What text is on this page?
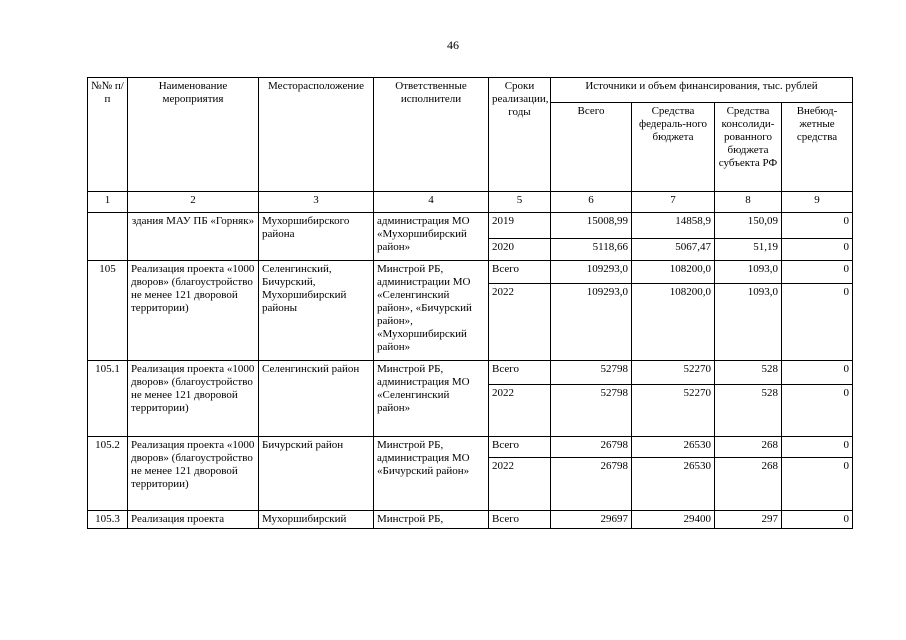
46
№№ п/п	Наименование мероприятия	Месторасположение	Ответственные исполнители	Сроки реализации, годы	Источники и объем финансирования, тыс. рублей			
					Всего	Средства федераль-ного бюджета	Средства консолиди-рованного бюджета субъекта РФ	Внебюд-жетные средства
1	2	3	4	5	6	7	8	9
	здания МАУ ПБ «Горняк»	Мухоршибирского района	администрация МО «Мухоршибирский район»	2019	15008,99	14858,9	150,09	0
				2020	5118,66	5067,47	51,19	0
105	Реализация проекта «1000 дворов» (благоустройство не менее 121 дворовой территории)	Селенгинский, Бичурский, Мухоршибирский районы	Минстрой РБ, администрации МО «Селенгинский район», «Бичурский район», «Мухоршибирский район»	Всего	109293,0	108200,0	1093,0	0
				2022	109293,0	108200,0	1093,0	0
105.1	Реализация проекта «1000 дворов» (благоустройство не менее 121 дворовой территории)	Селенгинский район	Минстрой РБ, администрация МО «Селенгинский район»	Всего	52798	52270	528	0
				2022	52798	52270	528	0
105.2	Реализация проекта «1000 дворов» (благоустройство не менее 121 дворовой территории)	Бичурский район	Минстрой РБ, администрация МО «Бичурский район»	Всего	26798	26530	268	0
				2022	26798	26530	268	0
105.3	Реализация проекта	Мухоршибирский	Минстрой РБ,	Всего	29697	29400	297	0
